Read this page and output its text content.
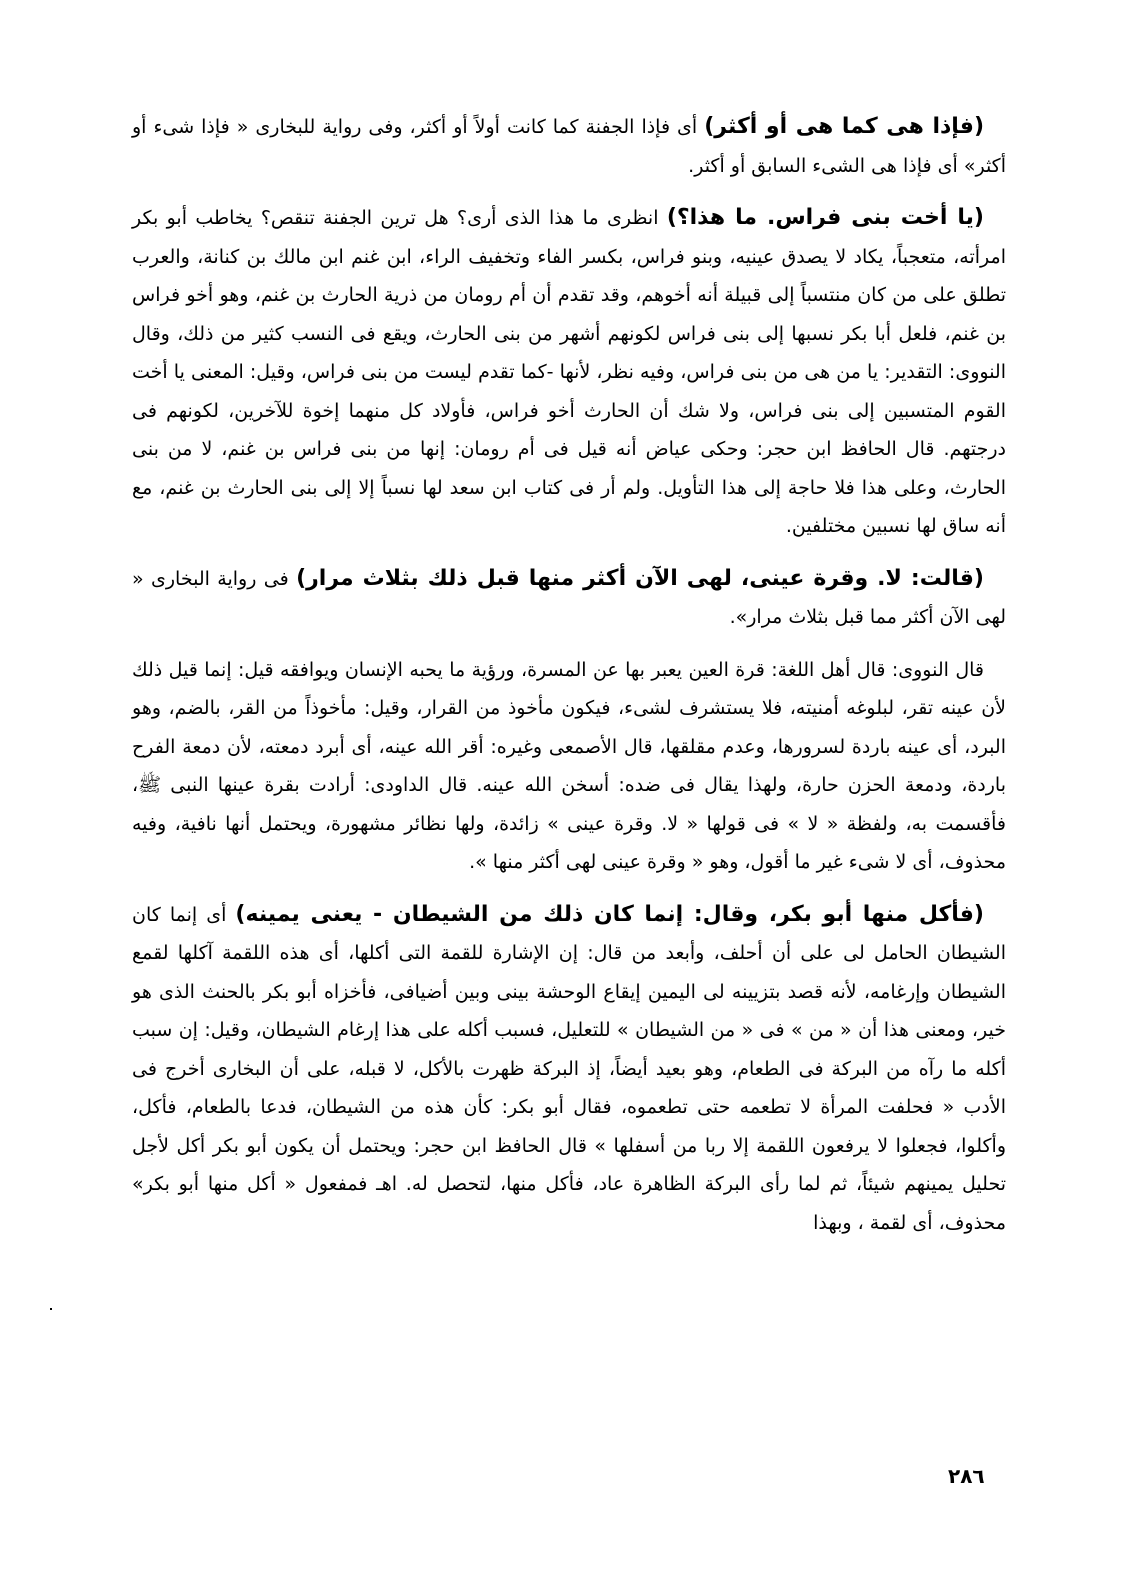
(فإذا هى كما هى أو أكثر) أى فإذا الجفنة كما كانت أولاً أو أكثر، وفى رواية للبخارى « فإذا شىء أو أكثر» أى فإذا هى الشىء السابق أو أكثر.

(يا أخت بنى فراس. ما هذا؟) انظرى ما هذا الذى أرى؟ هل ترين الجفنة تنقص؟ يخاطب أبو بكر امرأته، متعجباً، يكاد لا يصدق عينيه، وبنو فراس، بكسر الفاء وتخفيف الراء، ابن غنم ابن مالك بن كنانة، والعرب تطلق على من كان منتسباً إلى قبيلة أنه أخوهم، وقد تقدم أن أم رومان من ذرية الحارث بن غنم، وهو أخو فراس بن غنم، فلعل أبا بكر نسبها إلى بنى فراس لكونهم أشهر من بنى الحارث، ويقع فى النسب كثير من ذلك، وقال النووى: التقدير: يا من هى من بنى فراس، وفيه نظر، لأنها -كما تقدم ليست من بنى فراس، وقيل: المعنى يا أخت القوم المتسبين إلى بنى فراس، ولا شك أن الحارث أخو فراس، فأولاد كل منهما إخوة للآخرين، لكونهم فى درجتهم. قال الحافظ ابن حجر: وحكى عياض أنه قيل فى أم رومان: إنها من بنى فراس بن غنم، لا من بنى الحارث، وعلى هذا فلا حاجة إلى هذا التأويل. ولم أر فى كتاب ابن سعد لها نسباً إلا إلى بنى الحارث بن غنم، مع أنه ساق لها نسبين مختلفين.

(قالت: لا. وقرة عينى، لهى الآن أكثر منها قبل ذلك بثلاث مرار) فى رواية البخارى « لهى الآن أكثر مما قبل بثلاث مرار».

قال النووى: قال أهل اللغة: قرة العين يعبر بها عن المسرة، ورؤية ما يحبه الإنسان ويوافقه قيل: إنما قيل ذلك لأن عينه تقر، لبلوغه أمنيته، فلا يستشرف لشىء، فيكون مأخوذ من القرار، وقيل: مأخوذاً من القر، بالضم، وهو البرد، أى عينه باردة لسرورها، وعدم مقلقها، قال الأصمعى وغيره: أقر الله عينه، أى أبرد دمعته، لأن دمعة الفرح باردة، ودمعة الحزن حارة، ولهذا يقال فى ضده: أسخن الله عينه. قال الداودى: أرادت بقرة عينها النبى ﷺ، فأقسمت به، ولفظة « لا » فى قولها « لا. وقرة عينى » زائدة، ولها نظائر مشهورة، ويحتمل أنها نافية، وفيه محذوف، أى لا شىء غير ما أقول، وهو « وقرة عينى لهى أكثر منها ».

(فأكل منها أبو بكر، وقال: إنما كان ذلك من الشيطان - يعنى يمينه) أى إنما كان الشيطان الحامل لى على أن أحلف، وأبعد من قال: إن الإشارة للقمة التى أكلها، أى هذه اللقمة آكلها لقمع الشيطان وإرغامه، لأنه قصد بتزيينه لى اليمين إيقاع الوحشة بينى وبين أضيافى، فأخزاه أبو بكر بالحنث الذى هو خير، ومعنى هذا أن « من » فى « من الشيطان » للتعليل، فسبب أكله على هذا إرغام الشيطان، وقيل: إن سبب أكله ما رآه من البركة فى الطعام، وهو بعيد أيضاً، إذ البركة ظهرت بالأكل، لا قبله، على أن البخارى أخرج فى الأدب « فحلفت المرأة لا تطعمه حتى تطعموه، فقال أبو بكر: كأن هذه من الشيطان، فدعا بالطعام، فأكل، وأكلوا، فجعلوا لا يرفعون اللقمة إلا ربا من أسفلها » قال الحافظ ابن حجر: ويحتمل أن يكون أبو بكر أكل لأجل تحليل يمينهم شيئاً، ثم لما رأى البركة الظاهرة عاد، فأكل منها، لتحصل له. اهـ فمفعول « أكل منها أبو بكر» محذوف، أى لقمة ، وبهذا

٢٨٦
